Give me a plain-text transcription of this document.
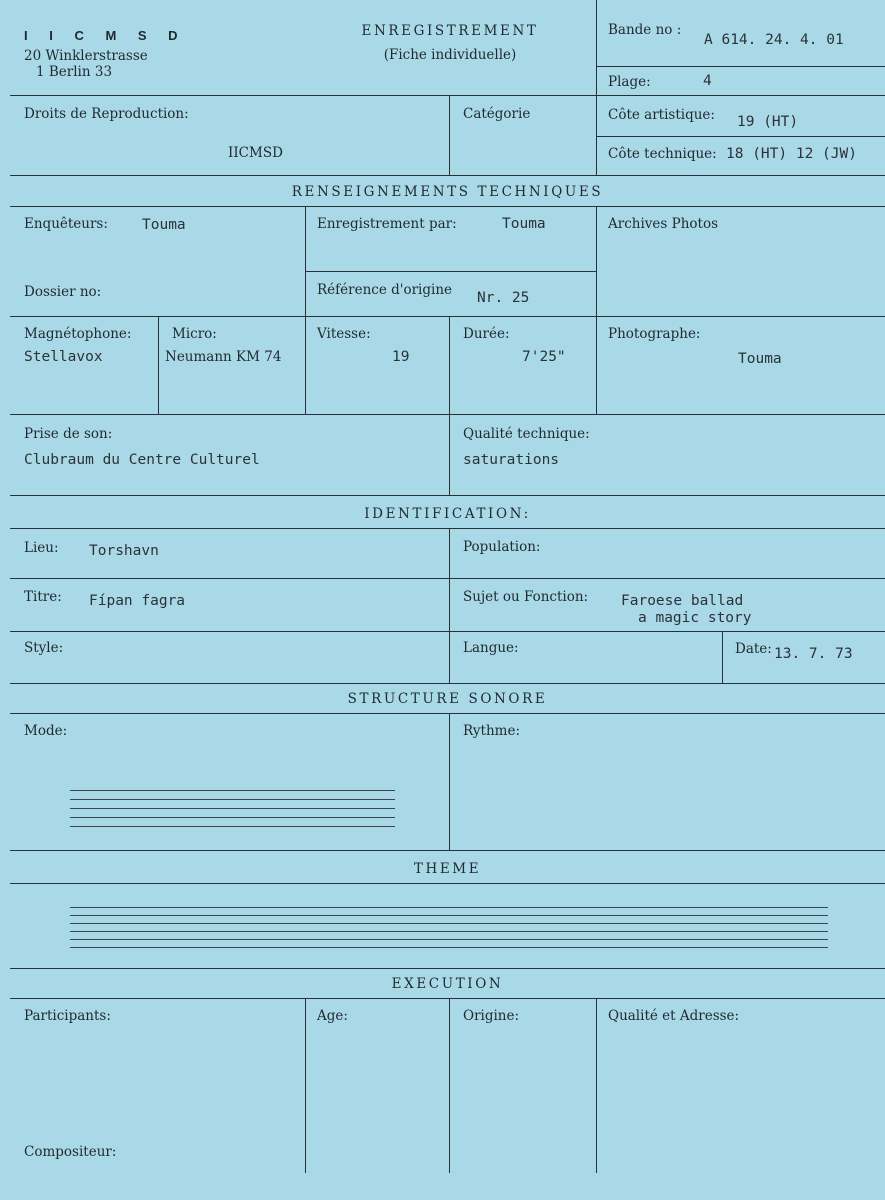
I I C M S D
20 Winklerstrasse
1 Berlin 33
ENREGISTREMENT
(Fiche individuelle)
Bande no :
A 614. 24. 4. 01
Plage:	4
Droits de Reproduction:
IICMSD
Catégorie	Côte artistique: 19 (HT)
Côte technique: 18 (HT) 12 (JW)
RENSEIGNEMENTS TECHNIQUES
Enquêteurs: Touma	Enregistrement par:	Touma	Archives Photos
Dossier no:	Référence d'origine Nr. 25
Magnétophone:
Stellavox
Micro:
Neumann KM 74
Vitesse:
19
Durée:
7'25"
Photographe:
Touma
Prise de son:
Clubraum du Centre Culturel
Qualité technique:
saturations
IDENTIFICATION:
Lieu: Torshavn	Population:
Titre: Fípan fagra	Sujet ou Fonction: Faroese ballad
a magic story
Style:	Langue:	Date: 13. 7. 73
STRUCTURE SONORE
Mode:	Rythme:
THEME
EXECUTION
Participants:	Age:	Origine:	Qualité et Adresse:
Compositeur:
